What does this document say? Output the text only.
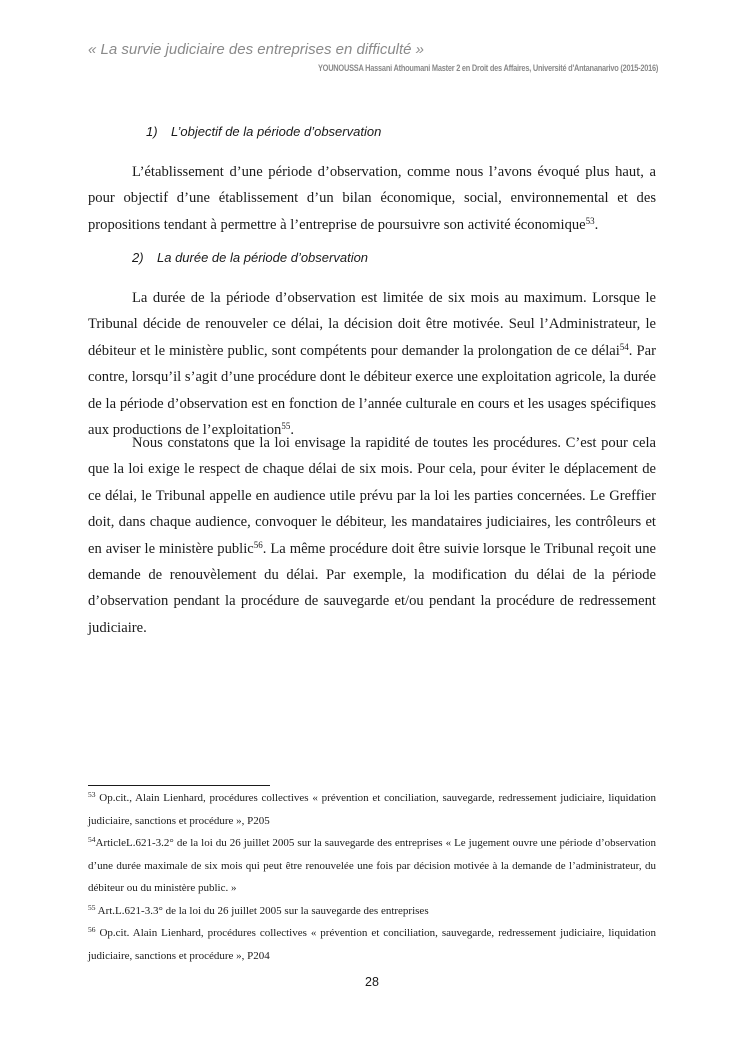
« La survie judiciaire des entreprises en difficulté »
YOUNOUSSA Hassani Athoumani Master 2 en Droit des Affaires, Université d'Antananarivo (2015-2016)
1) L’objectif de la période d’observation

L’établissement d’une période d’observation, comme nous l’avons évoqué plus haut, a pour objectif d’une établissement d’un bilan économique, social, environnemental et des propositions tendant à permettre à l’entreprise de poursuivre son activité économique$^{53}$.

2) La durée de la période d’observation

La durée de la période d’observation est limitée de six mois au maximum. Lorsque le Tribunal décide de renouveler ce délai, la décision doit être motivée. Seul l’Administrateur, le débiteur et le ministère public, sont compétents pour demander la prolongation de ce délai$^{54}$. Par contre, lorsqu’il s’agit d’une procédure dont le débiteur exerce une exploitation agricole, la durée de la période d’observation est en fonction de l’année culturale en cours et les usages spécifiques aux productions de l’exploitation$^{55}$.

Nous constatons que la loi envisage la rapidité de toutes les procédures. C’est pour cela que la loi exige le respect de chaque délai de six mois. Pour cela, pour éviter le déplacement de ce délai, le Tribunal appelle en audience utile prévu par la loi les parties concernées. Le Greffier doit, dans chaque audience, convoquer le débiteur, les mandataires judiciaires, les contrôleurs et en aviser le ministère public$^{56}$. La même procédure doit être suivie lorsque le Tribunal reçoit une demande de renouvèlement du délai. Par exemple, la modification du délai de la période d’observation pendant la procédure de sauvegarde et/ou pendant la procédure de redressement judiciaire.

$^{53}$ Op.cit., Alain Lienhard, procédures collectives « prévention et conciliation, sauvegarde, redressement judiciaire, liquidation judiciaire, sanctions et procédure », P205

$^{54}$ArticleL.621-3.2° de la loi du 26 juillet 2005 sur la sauvegarde des entreprises « Le jugement ouvre une période d’observation d’une durée maximale de six mois qui peut être renouvelée une fois par décision motivée à la demande de l’administrateur, du débiteur ou du ministère public. »

$^{55}$ Art.L.621-3.3° de la loi du 26 juillet 2005 sur la sauvegarde des entreprises

$^{56}$ Op.cit. Alain Lienhard, procédures collectives « prévention et conciliation, sauvegarde, redressement judiciaire, liquidation judiciaire, sanctions et procédure », P204

28
